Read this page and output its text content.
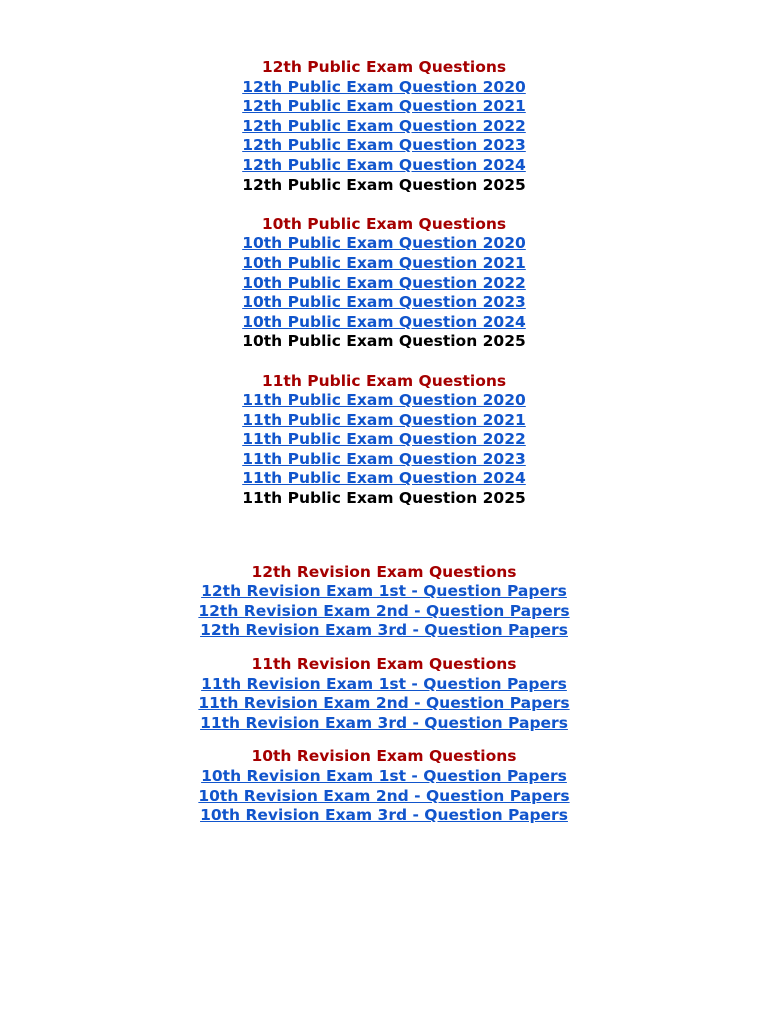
12th Public Exam Questions

12th Public Exam Question 2020

12th Public Exam Question 2021

12th Public Exam Question 2022

12th Public Exam Question 2023

12th Public Exam Question 2024

12th Public Exam Question 2025

10th Public Exam Questions

10th Public Exam Question 2020

10th Public Exam Question 2021

10th Public Exam Question 2022

10th Public Exam Question 2023

10th Public Exam Question 2024

10th Public Exam Question 2025

11th Public Exam Questions

11th Public Exam Question 2020

11th Public Exam Question 2021

11th Public Exam Question 2022

11th Public Exam Question 2023

11th Public Exam Question 2024

11th Public Exam Question 2025

12th Revision Exam Questions

12th Revision Exam 1st - Question Papers

12th Revision Exam 2nd - Question Papers

12th Revision Exam 3rd - Question Papers

11th Revision Exam Questions

11th Revision Exam 1st - Question Papers

11th Revision Exam 2nd - Question Papers

11th Revision Exam 3rd - Question Papers

10th Revision Exam Questions

10th Revision Exam 1st - Question Papers

10th Revision Exam 2nd - Question Papers

10th Revision Exam 3rd - Question Papers
